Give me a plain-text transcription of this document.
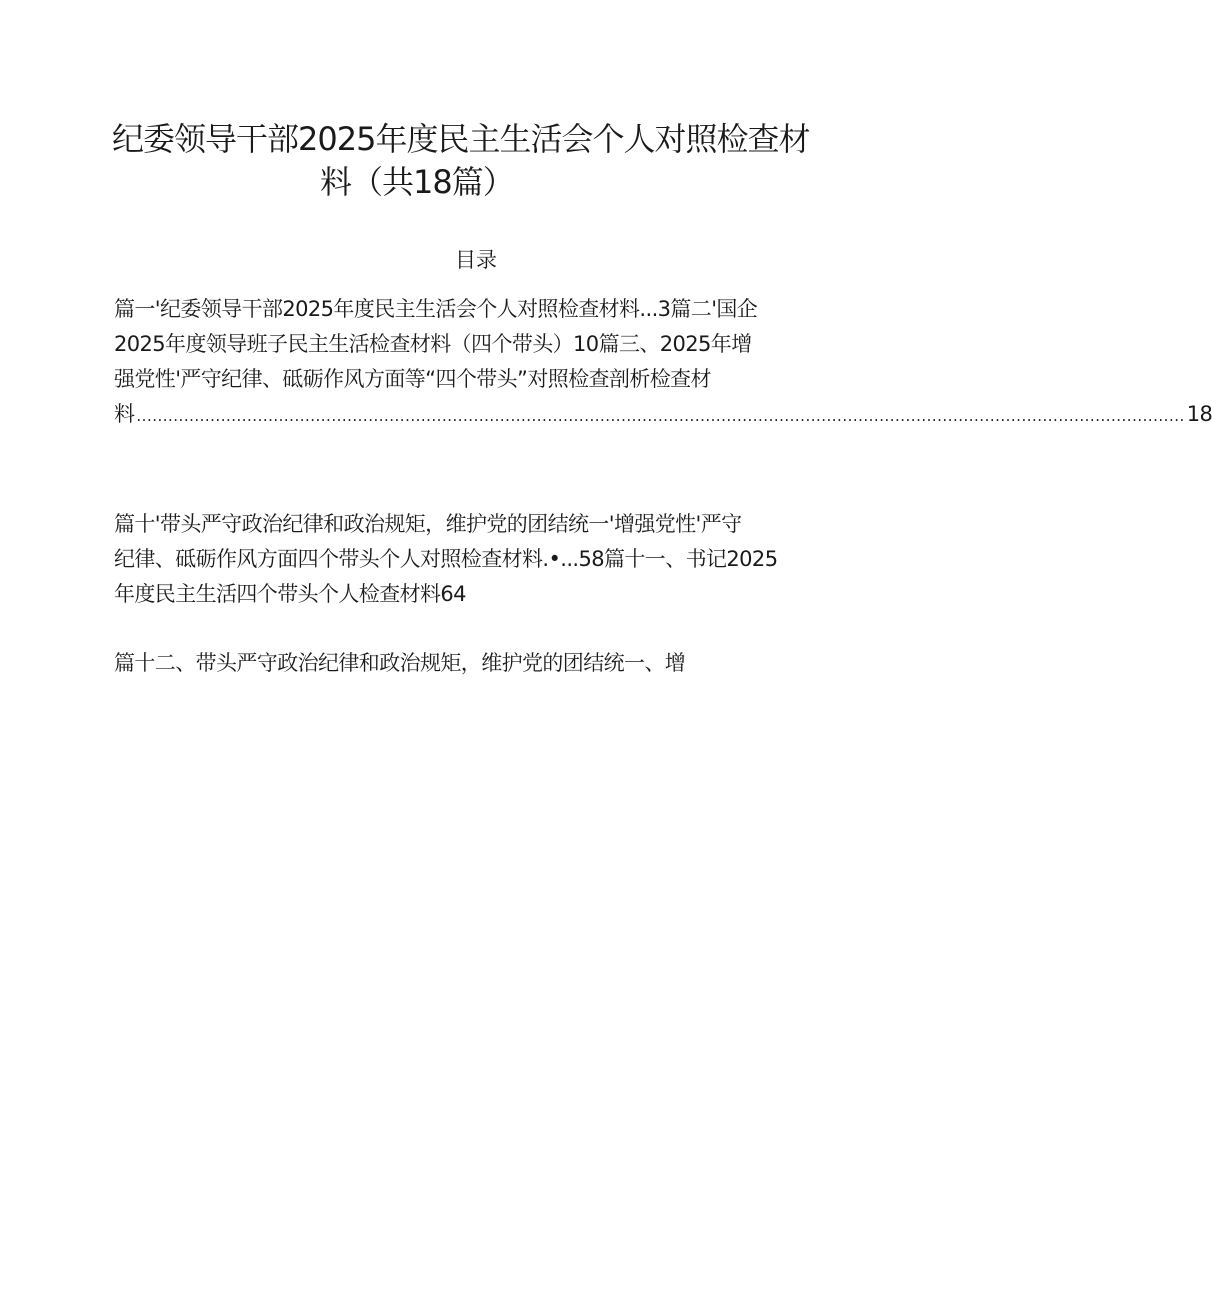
纪委领导干部2025年度民主生活会个人对照检查材
料（共18篇）
目录
篇一'纪委领导干部2025年度民主生活会个人对照检查材料...3篇二'国企
2025年度领导班子民主生活检查材料（四个带头）10篇三、2025年增
强党性'严守纪律、砥砺作风方面等“四个带头”对照检查剖析检查材
料 ....................................................................................................................................................................................................... 18
篇十'带头严守政治纪律和政治规矩，维护党的团结统一'增强党性'严守
纪律、砥砺作风方面四个带头个人对照检查材料.•...58篇十一、书记2025
年度民主生活四个带头个人检查材料64
篇十二、带头严守政治纪律和政治规矩，维护党的团结统一、增
